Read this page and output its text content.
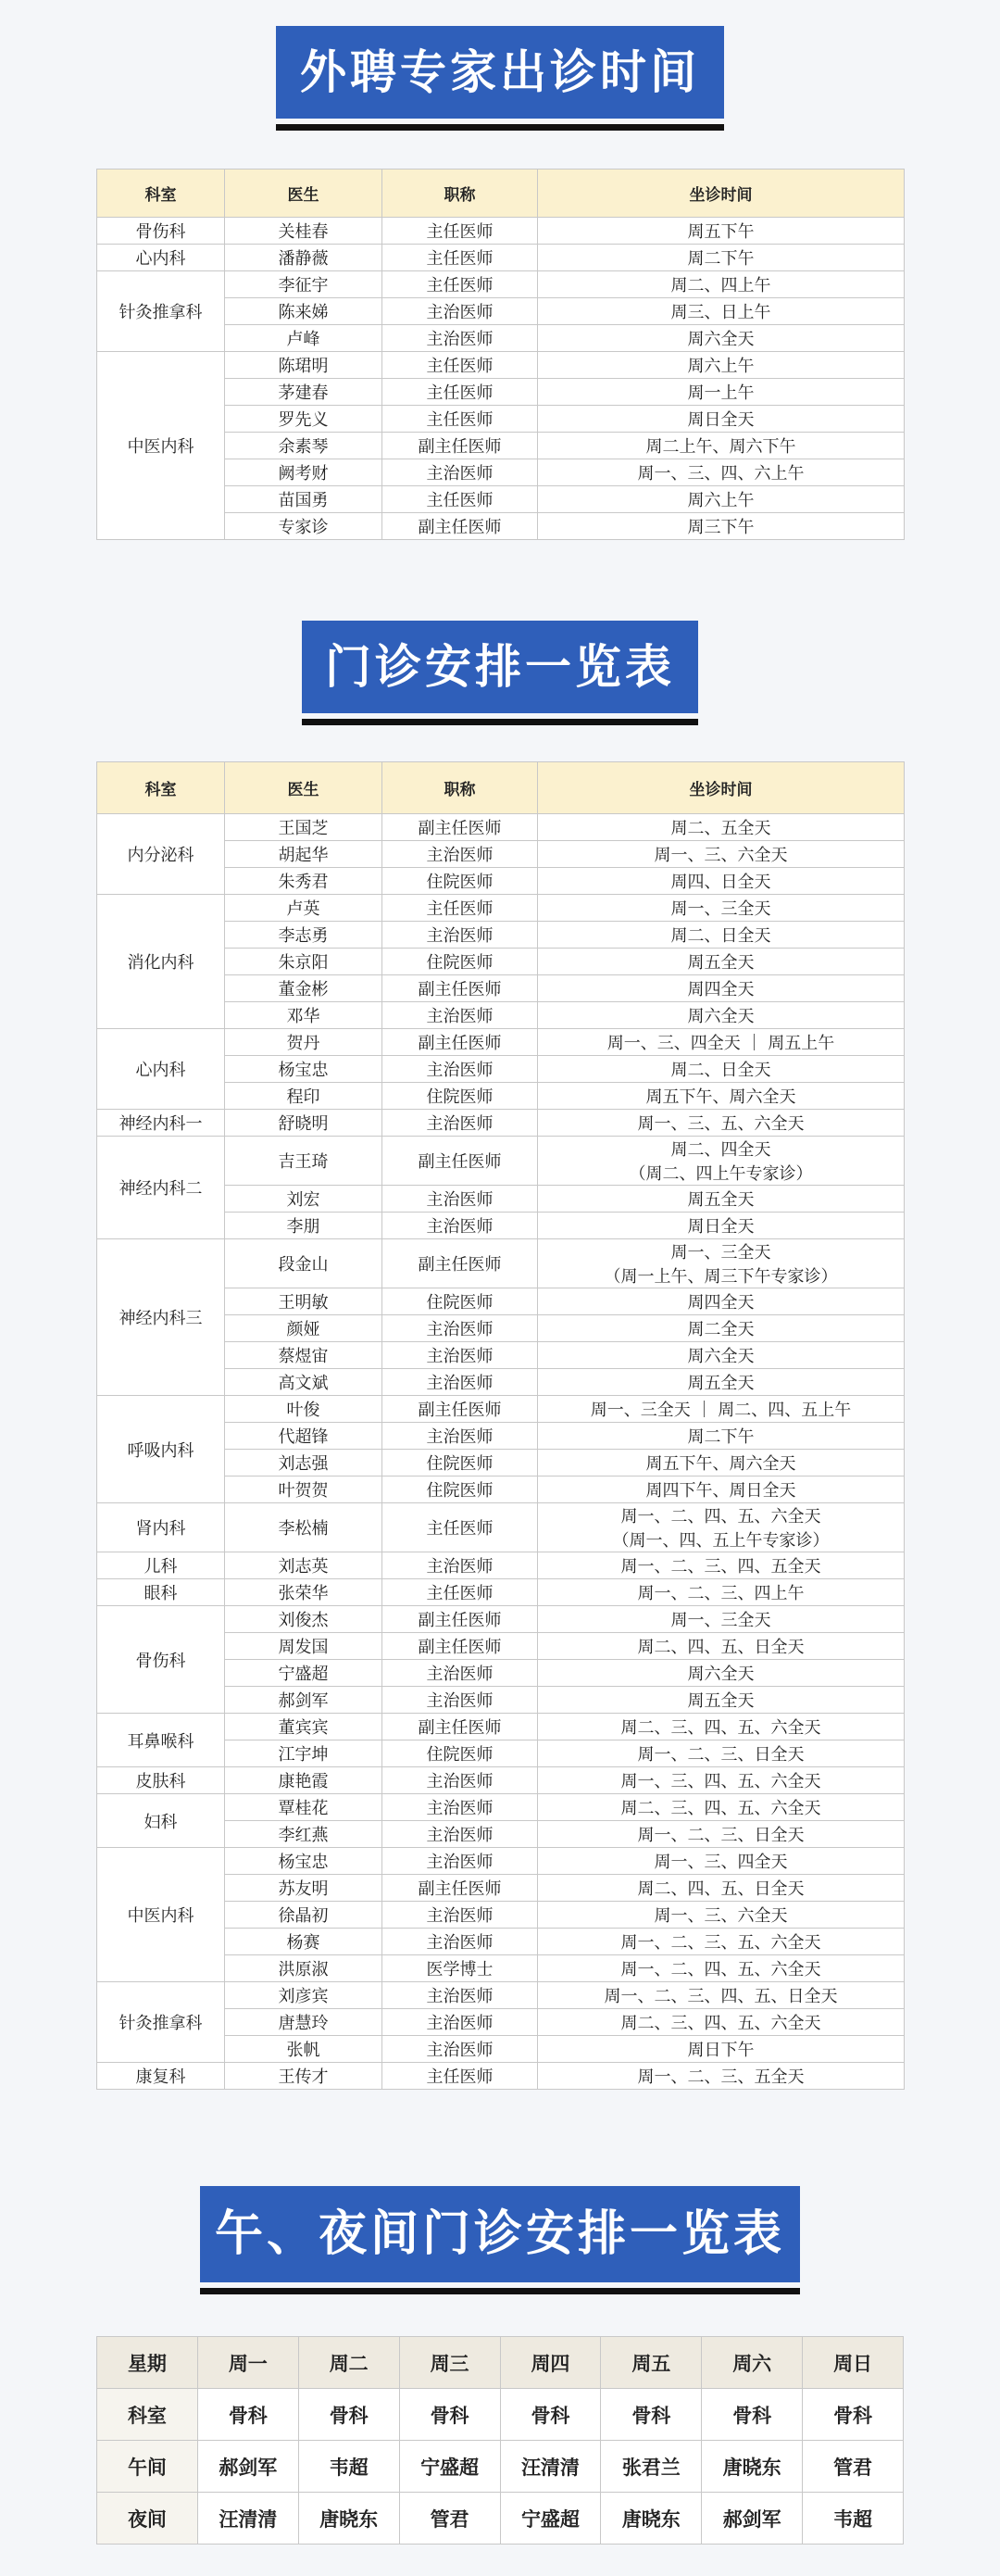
外聘专家出诊时间
科室	医生	职称	坐诊时间
骨伤科	关桂春	主任医师	周五下午
心内科	潘静薇	主任医师	周二下午
针灸推拿科	李征宇	主任医师	周二、四上午
	陈来娣	主治医师	周三、日上午
	卢峰	主治医师	周六全天
中医内科	陈珺明	主任医师	周六上午
	茅建春	主任医师	周一上午
	罗先义	主任医师	周日全天
	余素琴	副主任医师	周二上午、周六下午
	阙考财	主治医师	周一、三、四、六上午
	苗国勇	主任医师	周六上午
	专家诊	副主任医师	周三下午
门诊安排一览表
科室	医生	职称	坐诊时间
内分泌科	王国芝	副主任医师	周二、五全天
	胡起华	主治医师	周一、三、六全天
	朱秀君	住院医师	周四、日全天
消化内科	卢英	主任医师	周一、三全天
	李志勇	主治医师	周二、日全天
	朱京阳	住院医师	周五全天
	董金彬	副主任医师	周四全天
	邓华	主治医师	周六全天
心内科	贺丹	副主任医师	周一、三、四全天 ｜ 周五上午
	杨宝忠	主治医师	周二、日全天
	程印	住院医师	周五下午、周六全天
神经内科一	舒晓明	主治医师	周一、三、五、六全天
神经内科二	吉王琦	副主任医师	周二、四全天
（周二、四上午专家诊）
	刘宏	主治医师	周五全天
	李朋	主治医师	周日全天
神经内科三	段金山	副主任医师	周一、三全天
（周一上午、周三下午专家诊）
	王明敏	住院医师	周四全天
	颜娅	主治医师	周二全天
	蔡煜宙	主治医师	周六全天
	高文斌	主治医师	周五全天
呼吸内科	叶俊	副主任医师	周一、三全天 ｜ 周二、四、五上午
	代超锋	主治医师	周二下午
	刘志强	住院医师	周五下午、周六全天
	叶贺贺	住院医师	周四下午、周日全天
肾内科	李松楠	主任医师	周一、二、四、五、六全天
（周一、四、五上午专家诊）
儿科	刘志英	主治医师	周一、二、三、四、五全天
眼科	张荣华	主任医师	周一、二、三、四上午
骨伤科	刘俊杰	副主任医师	周一、三全天
	周发国	副主任医师	周二、四、五、日全天
	宁盛超	主治医师	周六全天
	郝剑军	主治医师	周五全天
耳鼻喉科	董宾宾	副主任医师	周二、三、四、五、六全天
	江宇坤	住院医师	周一、二、三、日全天
皮肤科	康艳霞	主治医师	周一、三、四、五、六全天
妇科	覃桂花	主治医师	周二、三、四、五、六全天
	李红燕	主治医师	周一、二、三、日全天
中医内科	杨宝忠	主治医师	周一、三、四全天
	苏友明	副主任医师	周二、四、五、日全天
	徐晶初	主治医师	周一、三、六全天
	杨赛	主治医师	周一、二、三、五、六全天
	洪原淑	医学博士	周一、二、四、五、六全天
针灸推拿科	刘彦宾	主治医师	周一、二、三、四、五、日全天
	唐慧玲	主治医师	周二、三、四、五、六全天
	张帆	主治医师	周日下午
康复科	王传才	主任医师	周一、二、三、五全天
午、夜间门诊安排一览表
星期	周一	周二	周三	周四	周五	周六	周日
科室	骨科	骨科	骨科	骨科	骨科	骨科	骨科
午间	郝剑军	韦超	宁盛超	汪清清	张君兰	唐晓东	管君
夜间	汪清清	唐晓东	管君	宁盛超	唐晓东	郝剑军	韦超
